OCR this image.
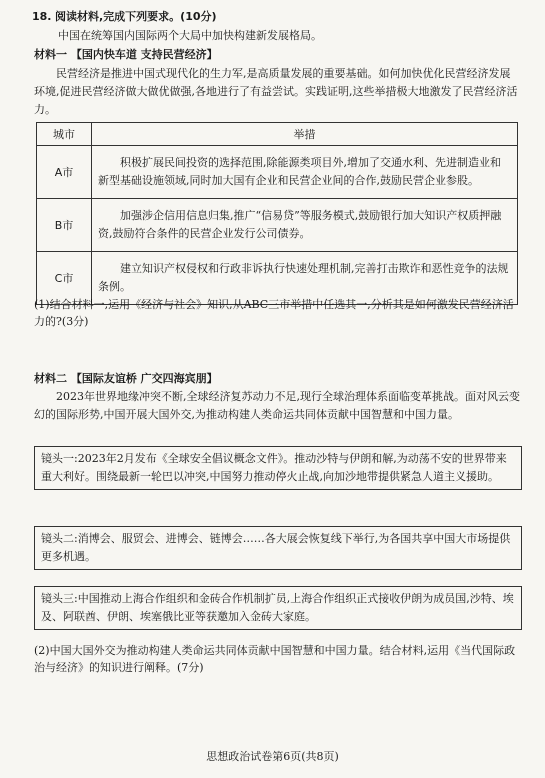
18. 阅读材料,完成下列要求。(10分)
中国在统筹国内国际两个大局中加快构建新发展格局。
材料一 【国内快车道 支持民营经济】
民营经济是推进中国式现代化的生力军,是高质量发展的重要基础。如何加快优化民营经济发展环境,促进民营经济做大做优做强,各地进行了有益尝试。实践证明,这些举措极大地激发了民营经济活力。
城市	举措
A市	积极扩展民间投资的选择范围,除能源类项目外,增加了交通水利、先进制造业和新型基础设施领域,同时加大国有企业和民营企业间的合作,鼓励民营企业参股。
B市	加强涉企信用信息归集,推广“信易贷”等服务模式,鼓励银行加大知识产权质押融资,鼓励符合条件的民营企业发行公司债券。
C市	建立知识产权侵权和行政非诉执行快速处理机制,完善打击欺诈和恶性竞争的法规条例。
(1)结合材料一,运用《经济与社会》知识,从ABC三市举措中任选其一,分析其是如何激发民营经济活力的?(3分)
材料二 【国际友谊桥 广交四海宾朋】
2023年世界地缘冲突不断,全球经济复苏动力不足,现行全球治理体系面临变革挑战。面对风云变幻的国际形势,中国开展大国外交,为推动构建人类命运共同体贡献中国智慧和中国力量。
镜头一:2023年2月发布《全球安全倡议概念文件》。推动沙特与伊朗和解,为动荡不安的世界带来重大利好。围绕最新一轮巴以冲突,中国努力推动停火止战,向加沙地带提供紧急人道主义援助。
镜头二:消博会、服贸会、进博会、链博会……各大展会恢复线下举行,为各国共享中国大市场提供更多机遇。
镜头三:中国推动上海合作组织和金砖合作机制扩员,上海合作组织正式接收伊朗为成员国,沙特、埃及、阿联酋、伊朗、埃塞俄比亚等获邀加入金砖大家庭。
(2)中国大国外交为推动构建人类命运共同体贡献中国智慧和中国力量。结合材料,运用《当代国际政治与经济》的知识进行阐释。(7分)
思想政治试卷第6页(共8页)
